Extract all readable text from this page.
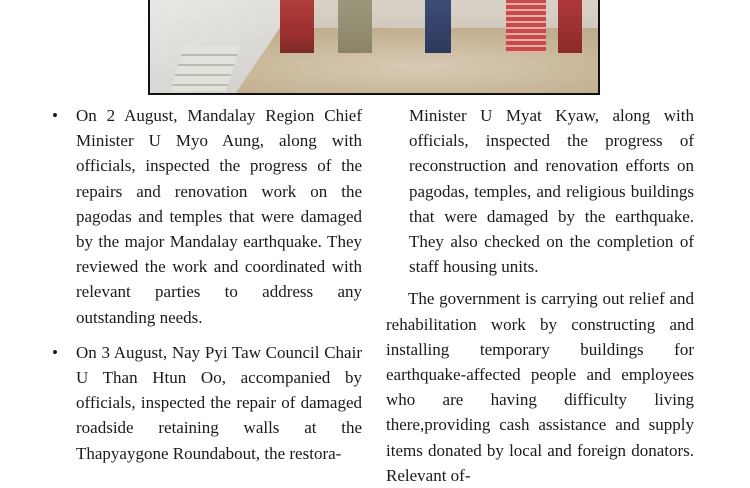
• On 2 August, Mandalay Region Chief Minister U Myo Aung, along with officials, inspected the progress of the repairs and renovation work on the pagodas and temples that were damaged by the major Mandalay earthquake. They reviewed the work and coordinated with relevant parties to address any outstanding needs.
• On 3 August, Nay Pyi Taw Council Chair U Than Htun Oo, accompanied by officials, inspected the repair of damaged roadside retaining walls at the Thapyaygone Roundabout, the restora-

Minister U Myat Kyaw, along with officials, inspected the progress of reconstruction and renovation efforts on pagodas, temples, and religious buildings that were damaged by the earthquake. They also checked on the completion of staff housing units.

The government is carrying out relief and rehabilitation work by constructing and installing temporary buildings for earthquake-affected people and employees who are having difficulty living there,providing cash assistance and supply items donated by local and foreign donators. Relevant of-
